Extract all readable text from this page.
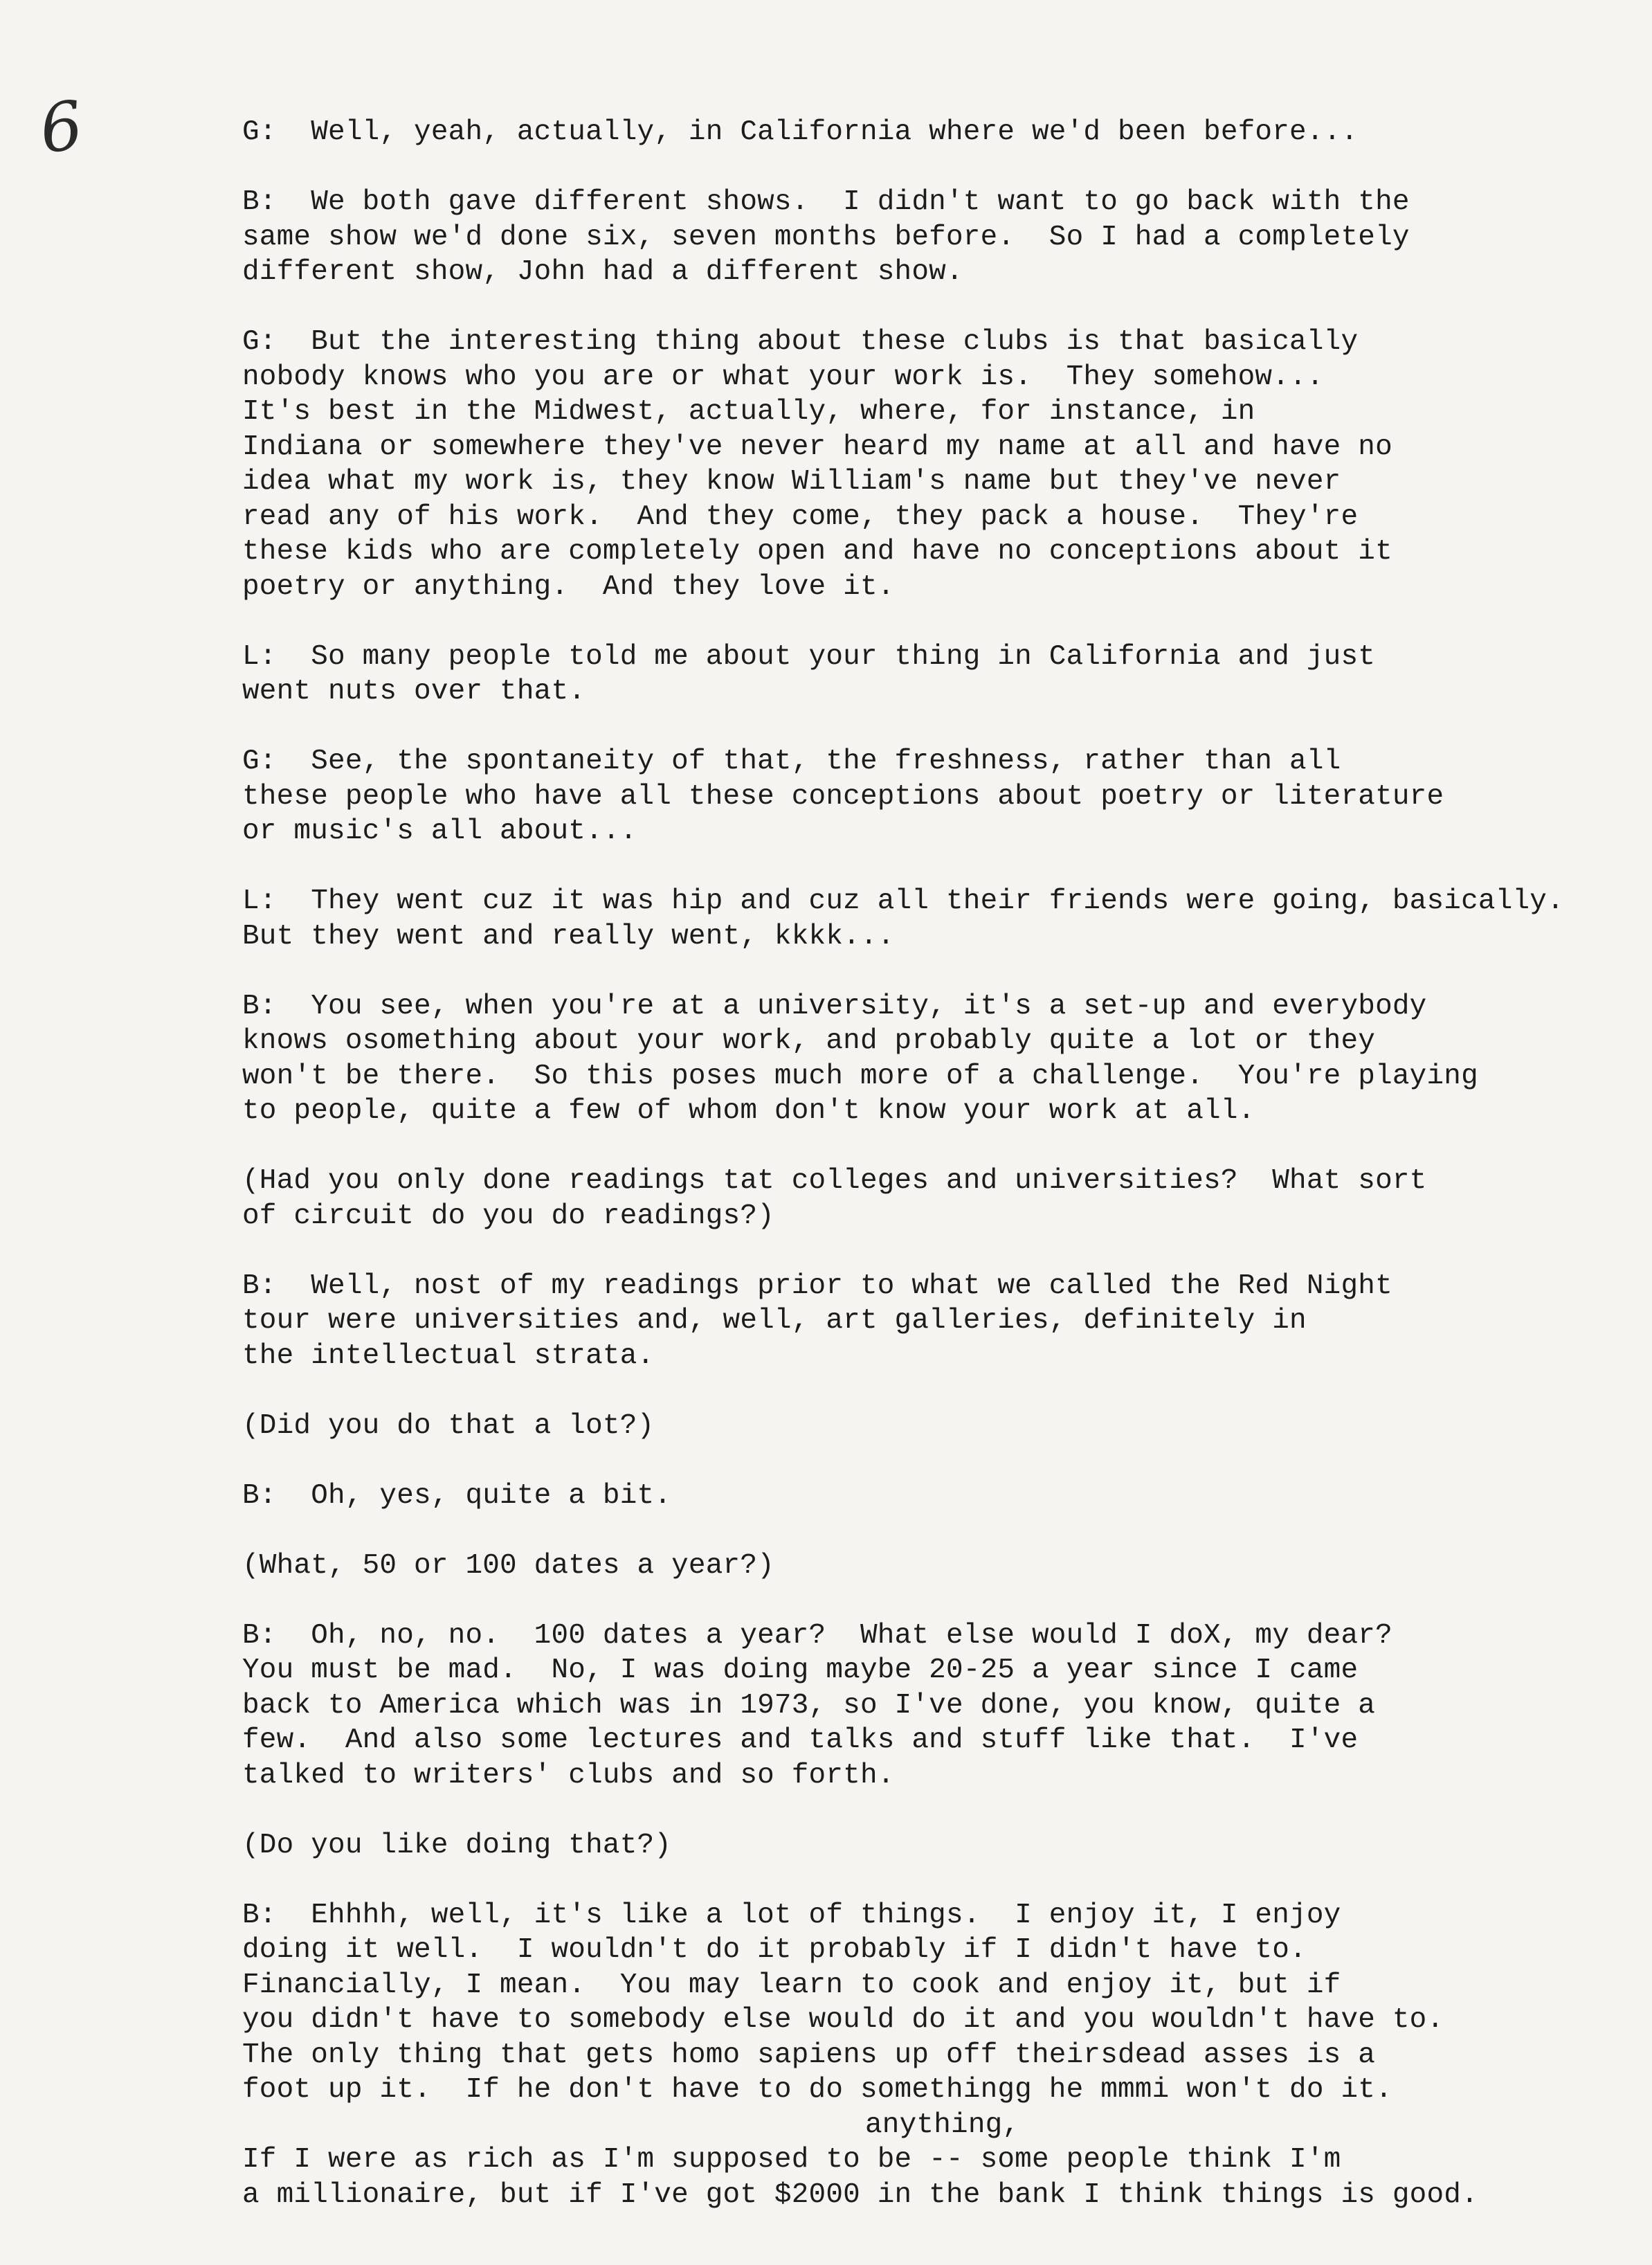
6	G:  Well, yeah, actually, in California where we'd been before...
B:  We both gave different shows.  I didn't want to go back with the
same show we'd done six, seven months before.  So I had a completely
different show, John had a different show.
G:  But the interesting thing about these clubs is that basically
nobody knows who you are or what your work is.  They somehow...
It's best in the Midwest, actually, where, for instance, in
Indiana or somewhere they've never heard my name at all and have no
idea what my work is, they know William's name but they've never
read any of his work.  And they come, they pack a house.  They're
these kids who are completely open and have no conceptions about it
poetry or anything.  And they love it.
L:  So many people told me about your thing in California and just
went nuts over that.
G:  See, the spontaneity of that, the freshness, rather than all
these people who have all these conceptions about poetry or literature
or music's all about...
L:  They went cuz it was hip and cuz all their friends were going, basically.
But they went and really went, kkkk...
B:  You see, when you're at a university, it's a set-up and everybody
knows osomething about your work, and probably quite a lot or they
won't be there.  So this poses much more of a challenge.  You're playing
to people, quite a few of whom don't know your work at all.
(Had you only done readings tat colleges and universities?  What sort
of circuit do you do readings?)
B:  Well, nost of my readings prior to what we called the Red Night
tour were universities and, well, art galleries, definitely in
the intellectual strata.
(Did you do that a lot?)
B:  Oh, yes, quite a bit.
(What, 50 or 100 dates a year?)
B:  Oh, no, no.  100 dates a year?  What else would I doX, my dear?
You must be mad.  No, I was doing maybe 20-25 a year since I came
back to America which was in 1973, so I've done, you know, quite a
few.  And also some lectures and talks and stuff like that.  I've
talked to writers' clubs and so forth.
(Do you like doing that?)
B:  Ehhhh, well, it's like a lot of things.  I enjoy it, I enjoy
doing it well.  I wouldn't do it probably if I didn't have to.
Financially, I mean.  You may learn to cook and enjoy it, but if
you didn't have to somebody else would do it and you wouldn't have to.
The only thing that gets homo sapiens up off theirsdead asses is a
foot up it.  If he don't have to do somethingg he mmmi won't do it.
anything,
If I were as rich as I'm supposed to be -- some people think I'm
a millionaire, but if I've got $2000 in the bank I think things is good.
